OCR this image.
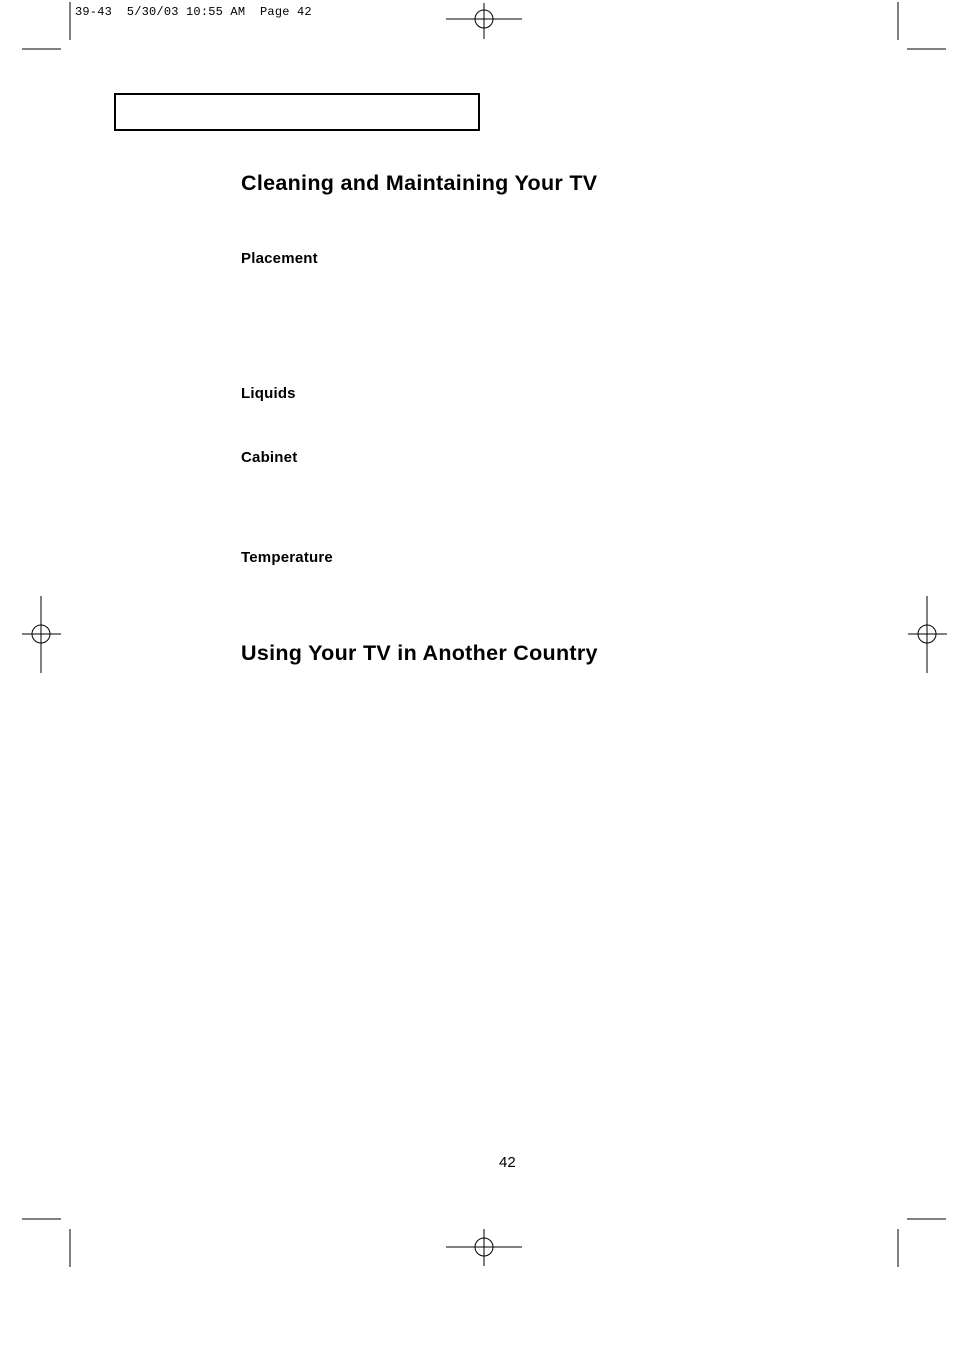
39-43  5/30/03 10:55 AM  Page 42
Cleaning and Maintaining Your TV
Placement
Liquids
Cabinet
Temperature
Using Your TV in Another Country
42
